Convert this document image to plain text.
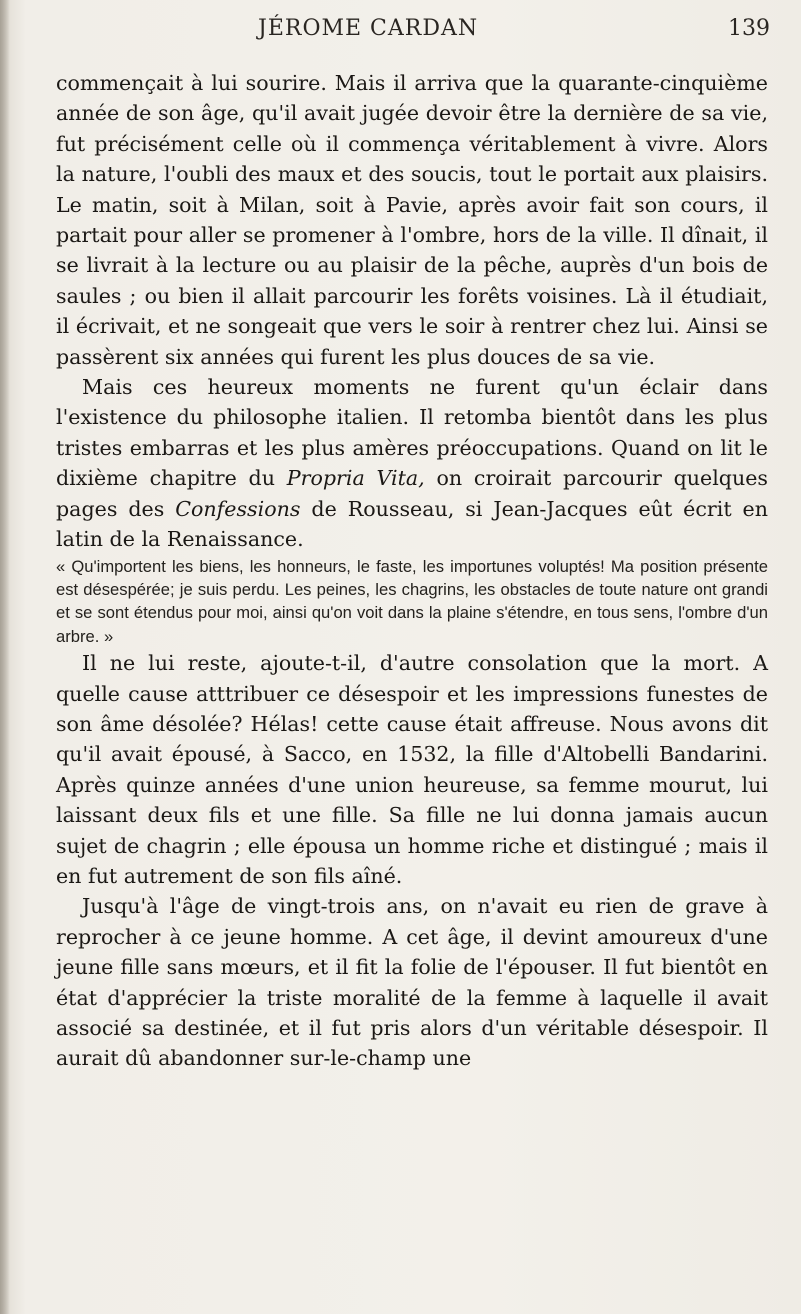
JÉROME CARDAN	139

commençait à lui sourire. Mais il arriva que la quarante-cinquième année de son âge, qu'il avait jugée devoir être la dernière de sa vie, fut précisément celle où il commença véritablement à vivre. Alors la nature, l'oubli des maux et des soucis, tout le portait aux plaisirs. Le matin, soit à Milan, soit à Pavie, après avoir fait son cours, il partait pour aller se promener à l'ombre, hors de la ville. Il dînait, il se livrait à la lecture ou au plaisir de la pêche, auprès d'un bois de saules ; ou bien il allait parcourir les forêts voisines. Là il étudiait, il écrivait, et ne songeait que vers le soir à rentrer chez lui. Ainsi se passèrent six années qui furent les plus douces de sa vie.

Mais ces heureux moments ne furent qu'un éclair dans l'existence du philosophe italien. Il retomba bientôt dans les plus tristes embarras et les plus amères préoccupations. Quand on lit le dixième chapitre du Propria Vita, on croirait parcourir quelques pages des Confessions de Rousseau, si Jean-Jacques eût écrit en latin de la Renaissance.

« Qu'importent les biens, les honneurs, le faste, les importunes voluptés! Ma position présente est désespérée; je suis perdu. Les peines, les chagrins, les obstacles de toute nature ont grandi et se sont étendus pour moi, ainsi qu'on voit dans la plaine s'étendre, en tous sens, l'ombre d'un arbre. »

Il ne lui reste, ajoute-t-il, d'autre consolation que la mort. A quelle cause atttribuer ce désespoir et les impressions funestes de son âme désolée? Hélas! cette cause était affreuse. Nous avons dit qu'il avait épousé, à Sacco, en 1532, la fille d'Altobelli Bandarini. Après quinze années d'une union heureuse, sa femme mourut, lui laissant deux fils et une fille. Sa fille ne lui donna jamais aucun sujet de chagrin ; elle épousa un homme riche et distingué ; mais il en fut autrement de son fils aîné.

Jusqu'à l'âge de vingt-trois ans, on n'avait eu rien de grave à reprocher à ce jeune homme. A cet âge, il devint amoureux d'une jeune fille sans mœurs, et il fit la folie de l'épouser. Il fut bientôt en état d'apprécier la triste moralité de la femme à laquelle il avait associé sa destinée, et il fut pris alors d'un véritable désespoir. Il aurait dû abandonner sur-le-champ une
